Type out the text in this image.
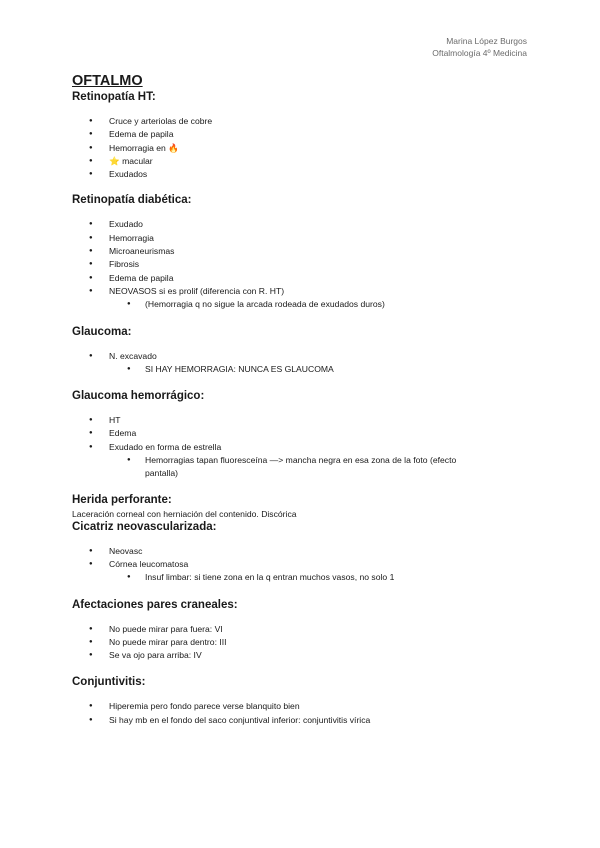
Marina López Burgos
Oftalmología 4º Medicina
OFTALMO
Retinopatía HT:
● Cruce y arteriolas de cobre
● Edema de papila
● Hemorragia en 🔥
● ⭐ macular
● Exudados
Retinopatía diabética:
● Exudado
● Hemorragia
● Microaneurismas
● Fibrosis
● Edema de papila
● NEOVASOS si es prolif (diferencia con R. HT)
● (Hemorragia q no sigue la arcada rodeada de exudados duros)
Glaucoma:
● N. excavado
● SI HAY HEMORRAGIA: NUNCA ES GLAUCOMA
Glaucoma hemorrágico:
● HT
● Edema
● Exudado en forma de estrella
● Hemorragias tapan fluoresceína —> mancha negra en esa zona de la foto (efecto
pantalla)
Herida perforante:

Laceración corneal con herniación del contenido. Discórica

Cicatriz neovascularizada:
● Neovasc
● Córnea leucomatosa
● Insuf limbar: si tiene zona en la q entran muchos vasos, no solo 1
Afectaciones pares craneales:
● No puede mirar para fuera: VI
● No puede mirar para dentro: III
● Se va ojo para arriba: IV
Conjuntivitis:
● Hiperemia pero fondo parece verse blanquito bien
● Si hay mb en el fondo del saco conjuntival inferior: conjuntivitis vírica
